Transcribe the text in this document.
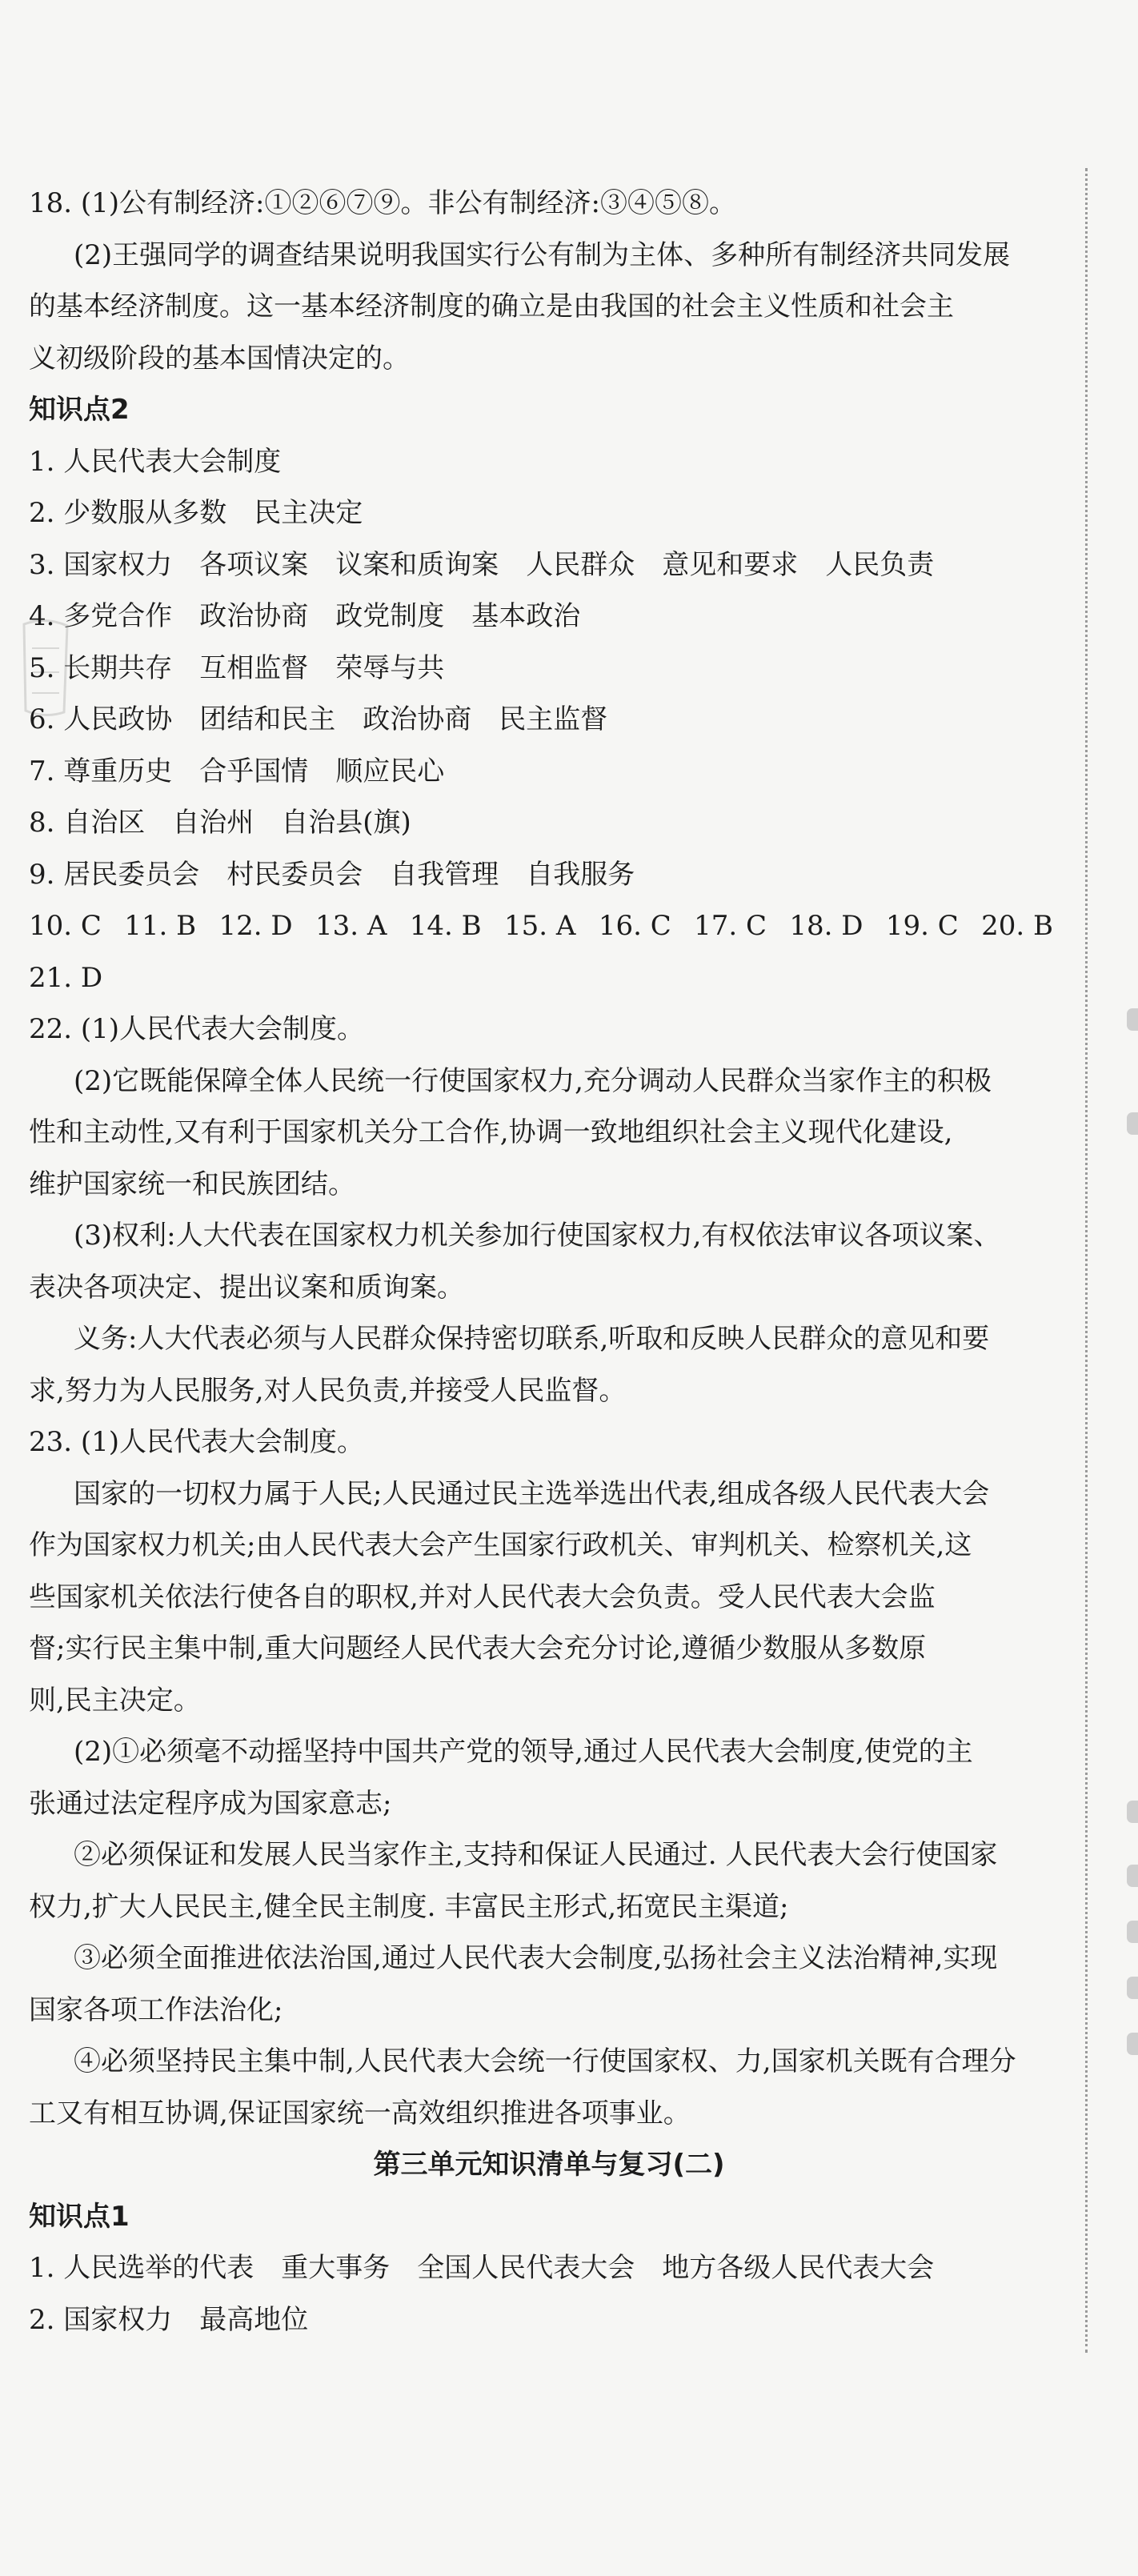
18. (1)公有制经济:①②⑥⑦⑨。非公有制经济:③④⑤⑧。
(2)王强同学的调查结果说明我国实行公有制为主体、多种所有制经济共同发展
的基本经济制度。这一基本经济制度的确立是由我国的社会主义性质和社会主
义初级阶段的基本国情决定的。
知识点2
1. 人民代表大会制度
2. 少数服从多数　民主决定
3. 国家权力　各项议案　议案和质询案　人民群众　意见和要求　人民负责
4. 多党合作　政治协商　政党制度　基本政治
5. 长期共存　互相监督　荣辱与共
6. 人民政协　团结和民主　政治协商　民主监督
7. 尊重历史　合乎国情　顺应民心
8. 自治区　自治州　自治县(旗)
9. 居民委员会　村民委员会　自我管理　自我服务
10. C 11. B 12. D 13. A 14. B 15. A 16. C 17. C 18. D 19. C 20. B
21. D
22. (1)人民代表大会制度。
(2)它既能保障全体人民统一行使国家权力,充分调动人民群众当家作主的积极
性和主动性,又有利于国家机关分工合作,协调一致地组织社会主义现代化建设,
维护国家统一和民族团结。
(3)权利:人大代表在国家权力机关参加行使国家权力,有权依法审议各项议案、
表决各项决定、提出议案和质询案。
义务:人大代表必须与人民群众保持密切联系,听取和反映人民群众的意见和要
求,努力为人民服务,对人民负责,并接受人民监督。
23. (1)人民代表大会制度。
国家的一切权力属于人民;人民通过民主选举选出代表,组成各级人民代表大会
作为国家权力机关;由人民代表大会产生国家行政机关、审判机关、检察机关,这
些国家机关依法行使各自的职权,并对人民代表大会负责。受人民代表大会监
督;实行民主集中制,重大问题经人民代表大会充分讨论,遵循少数服从多数原
则,民主决定。
(2)①必须毫不动摇坚持中国共产党的领导,通过人民代表大会制度,使党的主
张通过法定程序成为国家意志;
②必须保证和发展人民当家作主,支持和保证人民通过. 人民代表大会行使国家
权力,扩大人民民主,健全民主制度. 丰富民主形式,拓宽民主渠道;
③必须全面推进依法治国,通过人民代表大会制度,弘扬社会主义法治精神,实现
国家各项工作法治化;
④必须坚持民主集中制,人民代表大会统一行使国家权、力,国家机关既有合理分
工又有相互协调,保证国家统一高效组织推进各项事业。
第三单元知识清单与复习(二)
知识点1
1. 人民选举的代表　重大事务　全国人民代表大会　地方各级人民代表大会
2. 国家权力　最高地位
